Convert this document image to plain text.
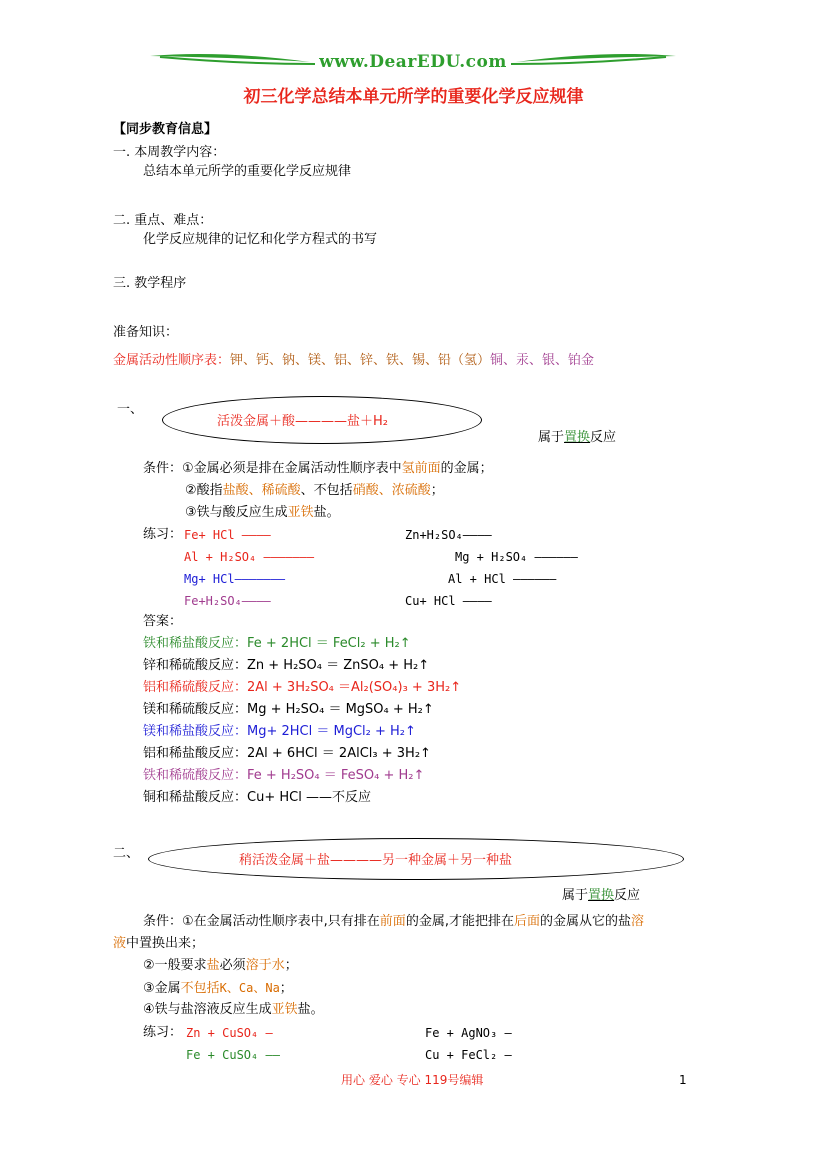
www.DearEDU.com
初三化学总结本单元所学的重要化学反应规律
【同步教育信息】
一. 本周教学内容：
总结本单元所学的重要化学反应规律
二. 重点、难点：
化学反应规律的记忆和化学方程式的书写
三. 教学程序
准备知识：
金属活动性顺序表：钾、钙、钠、镁、铝、锌、铁、锡、铅（氢）铜、汞、银、铂金
一、
活泼金属＋酸————盐＋H₂
属于置换反应
条件：①金属必须是排在金属活动性顺序表中氢前面的金属；
②酸指盐酸、稀硫酸、不包括硝酸、浓硫酸；
③铁与酸反应生成亚铁盐。
练习： Fe+ HCl ————	Zn+H₂SO₄————
Al + H₂SO₄ ———————	Mg + H₂SO₄ ——————
Mg+ HCl———————	Al + HCl ——————
Fe+H₂SO₄————	Cu+ HCl ————
答案：
铁和稀盐酸反应：Fe + 2HCl ＝ FeCl₂ + H₂↑
锌和稀硫酸反应：Zn + H₂SO₄ ＝ ZnSO₄ + H₂↑
铝和稀硫酸反应：2Al + 3H₂SO₄ ＝Al₂(SO₄)₃ + 3H₂↑
镁和稀硫酸反应：Mg + H₂SO₄ ＝ MgSO₄ + H₂↑
镁和稀盐酸反应：Mg+ 2HCl ＝ MgCl₂ + H₂↑
铝和稀盐酸反应：2Al + 6HCl ＝ 2AlCl₃ + 3H₂↑
铁和稀硫酸反应：Fe + H₂SO₄ ＝ FeSO₄ + H₂↑
铜和稀盐酸反应：Cu+ HCl ——不反应
二、	稍活泼金属＋盐————另一种金属＋另一种盐
属于置换反应
条件：①在金属活动性顺序表中,只有排在前面的金属,才能把排在后面的金属从它的盐溶
液中置换出来；
②一般要求盐必须溶于水；
③金属不包括K、Ca、Na；
④铁与盐溶液反应生成亚铁盐。
练习： Zn + CuSO₄ —	Fe + AgNO₃ —
Fe + CuSO₄ ——	Cu + FeCl₂ —
用心 爱心 专心 119号编辑	1
